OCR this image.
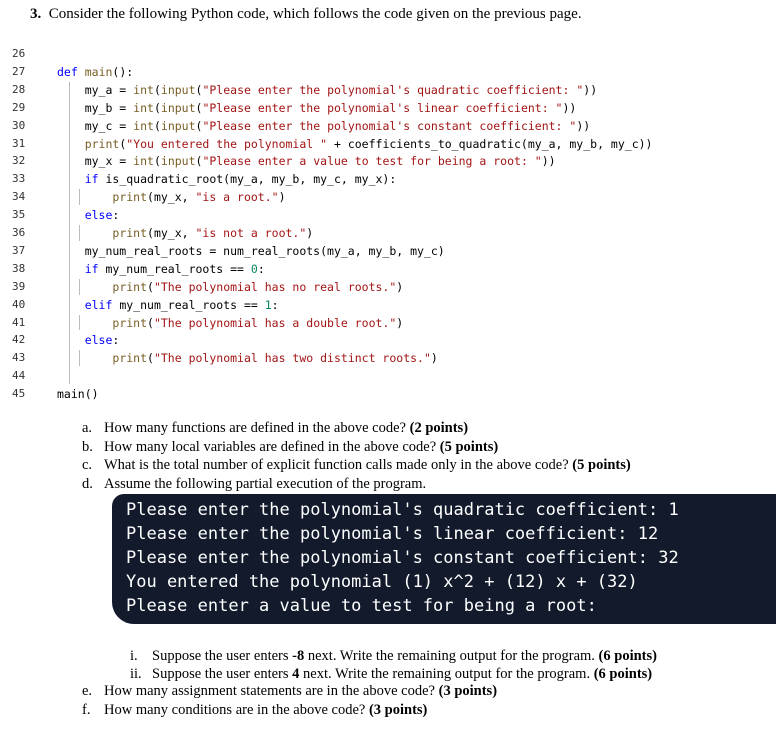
3. Consider the following Python code, which follows the code given on the previous page.
26
27	def main():
28	my_a = int(input("Please enter the polynomial's quadratic coefficient: "))
29	my_b = int(input("Please enter the polynomial's linear coefficient: "))
30	my_c = int(input("Please enter the polynomial's constant coefficient: "))
31	print("You entered the polynomial " + coefficients_to_quadratic(my_a, my_b, my_c))
32	my_x = int(input("Please enter a value to test for being a root: "))
33	if is_quadratic_root(my_a, my_b, my_c, my_x):
34	print(my_x, "is a root.")
35	else:
36	print(my_x, "is not a root.")
37	my_num_real_roots = num_real_roots(my_a, my_b, my_c)
38	if my_num_real_roots == 0:
39	print("The polynomial has no real roots.")
40	elif my_num_real_roots == 1:
41	print("The polynomial has a double root.")
42	else:
43	print("The polynomial has two distinct roots.")
44
45	main()
a. How many functions are defined in the above code? (2 points)
b. How many local variables are defined in the above code? (5 points)
c. What is the total number of explicit function calls made only in the above code? (5 points)
d. Assume the following partial execution of the program.
Please enter the polynomial's quadratic coefficient: 1
Please enter the polynomial's linear coefficient: 12
Please enter the polynomial's constant coefficient: 32
You entered the polynomial (1) x^2 + (12) x + (32)
Please enter a value to test for being a root:
i. Suppose the user enters -8 next. Write the remaining output for the program. (6 points)
ii. Suppose the user enters 4 next. Write the remaining output for the program. (6 points)
e. How many assignment statements are in the above code? (3 points)
f. How many conditions are in the above code? (3 points)
